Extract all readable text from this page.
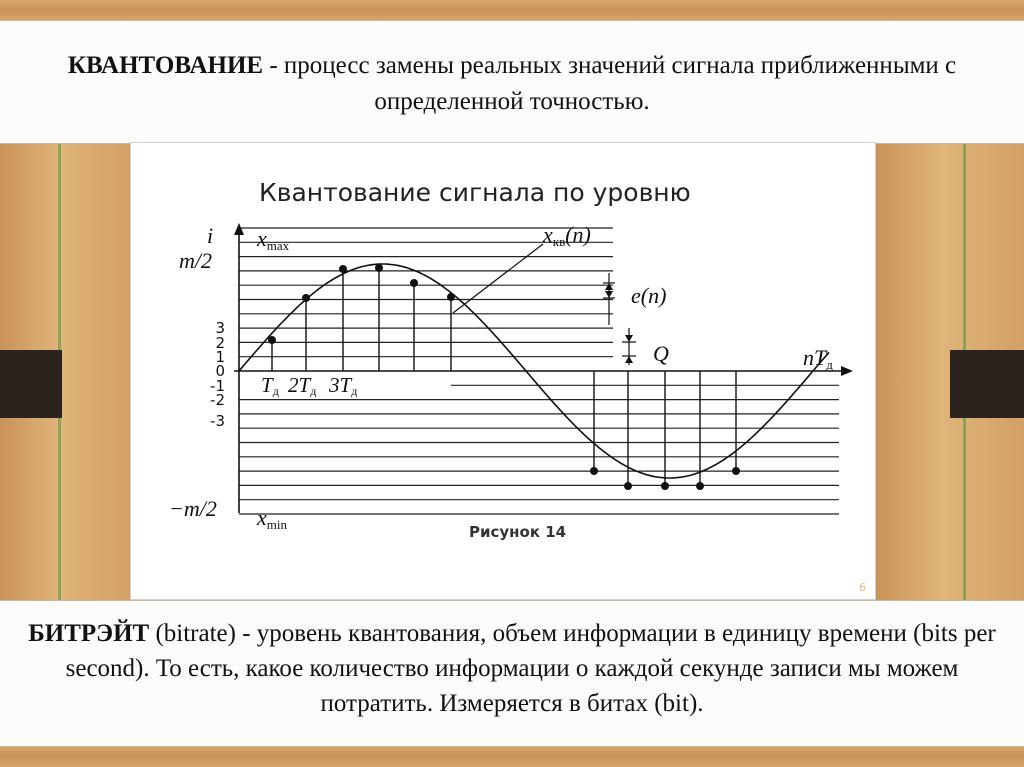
КВАНТОВАНИЕ - процесс замены реальных значений сигнала приближенными с определенной точностью.
Квантование сигнала по уровню
i
m/2
−m/2
xmax
xmin
nTд
3
2
1
0
-1
-2
-3
Tд 2Tд 3Tд
xкв(n)
e(n)
Q
Рисунок 14
6
БИТРЭЙТ (bitrate) - уровень квантования, объем информации в единицу времени (bits per second). То есть, какое количество информации о каждой секунде записи мы можем потратить. Измеряется в битах (bit).
